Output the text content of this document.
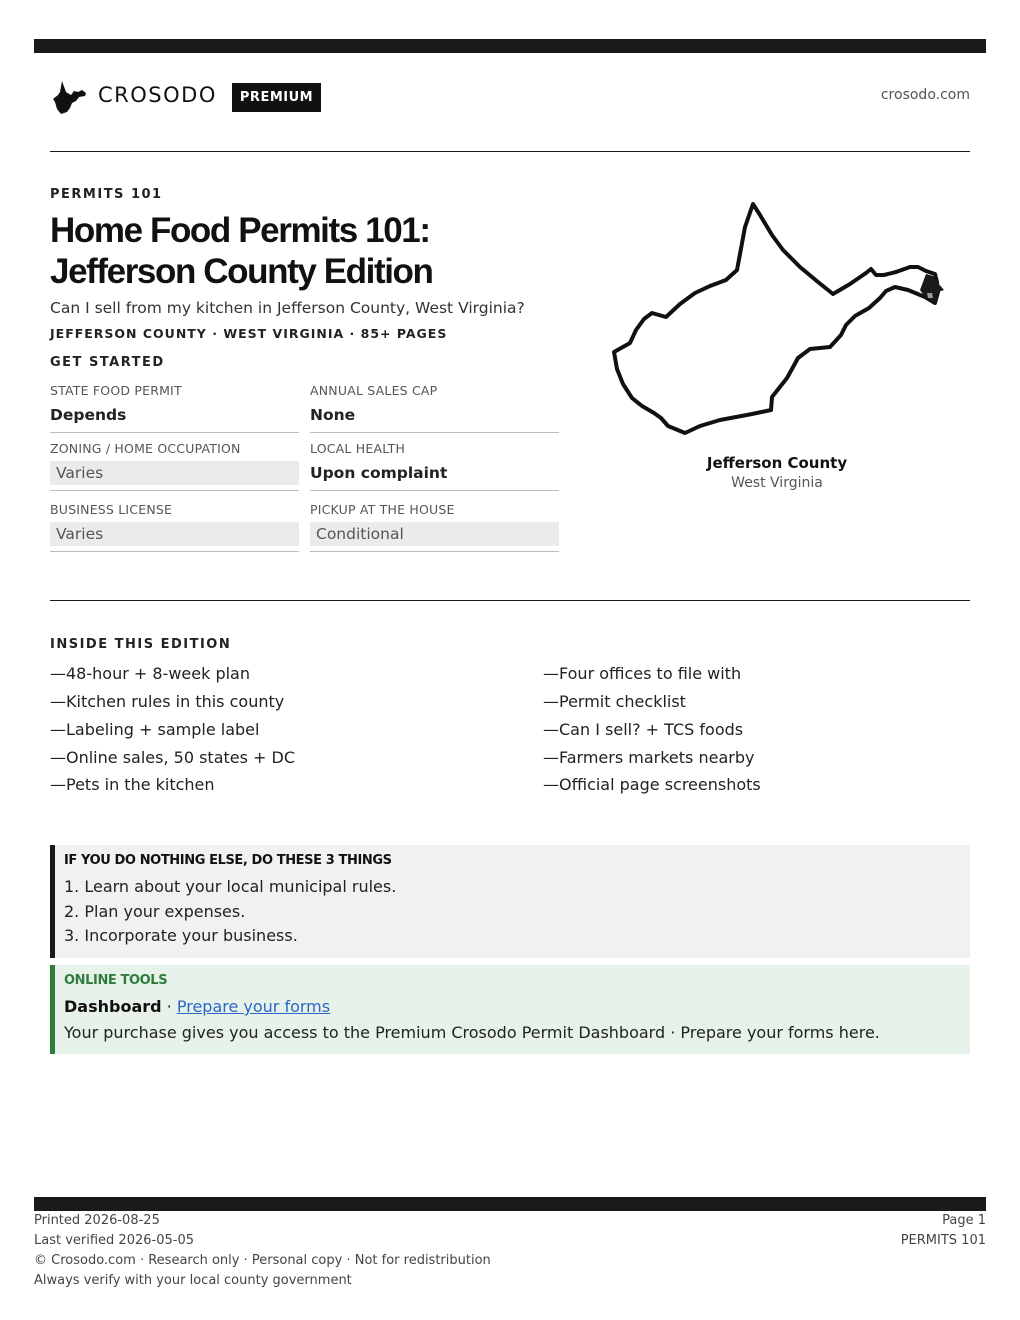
CROSODO	PREMIUM	crosodo.com
PERMITS 101
Home Food Permits 101:
Jefferson County Edition
Can I sell from my kitchen in Jefferson County, West Virginia?
JEFFERSON COUNTY · WEST VIRGINIA · 85+ PAGES
GET STARTED
STATE FOOD PERMIT
Depends
ANNUAL SALES CAP
None
ZONING / HOME OCCUPATION
Varies
LOCAL HEALTH
Upon complaint
BUSINESS LICENSE
Varies
PICKUP AT THE HOUSE
Conditional
Jefferson County
West Virginia
INSIDE THIS EDITION
—48-hour + 8-week plan
—Kitchen rules in this county
—Labeling + sample label
—Online sales, 50 states + DC
—Pets in the kitchen
—Four offices to file with
—Permit checklist
—Can I sell? + TCS foods
—Farmers markets nearby
—Official page screenshots
IF YOU DO NOTHING ELSE, DO THESE 3 THINGS
1. Learn about your local municipal rules.
2. Plan your expenses.
3. Incorporate your business.
ONLINE TOOLS
Dashboard · Prepare your forms
Your purchase gives you access to the Premium Crosodo Permit Dashboard · Prepare your forms here.
Printed 2026-08-25
Last verified 2026-05-05
© Crosodo.com · Research only · Personal copy · Not for redistribution
Always verify with your local county government
Page 1
PERMITS 101
